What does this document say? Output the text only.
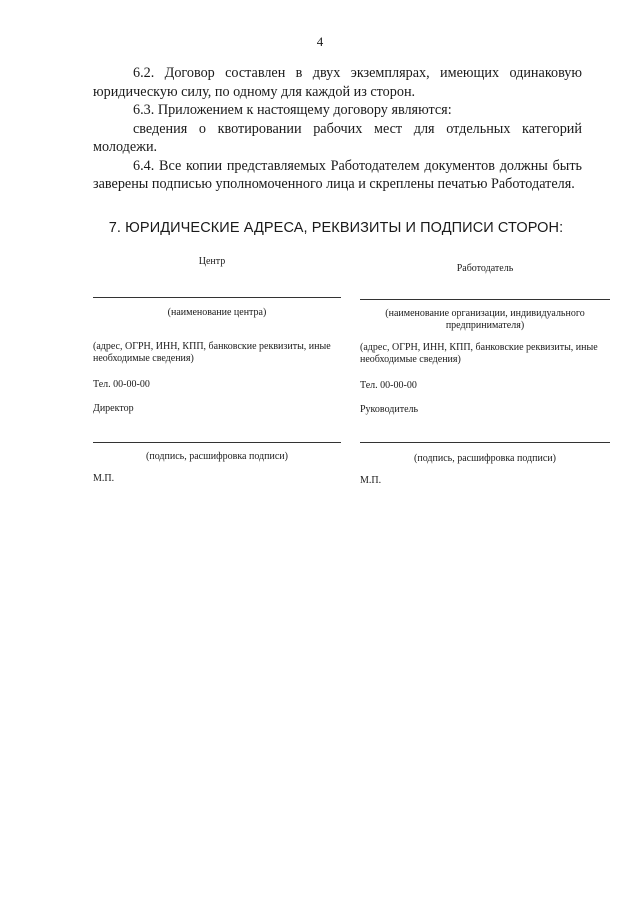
4

6.2. Договор составлен в двух экземплярах, имеющих одинаковую юридическую силу, по одному для каждой из сторон.

6.3. Приложением к настоящему договору являются:

сведения о квотировании рабочих мест для отдельных категорий молодежи.

6.4. Все копии представляемых Работодателем документов должны быть заверены подписью уполномоченного лица и скреплены печатью Работодателя.

7. ЮРИДИЧЕСКИЕ АДРЕСА, РЕКВИЗИТЫ И ПОДПИСИ СТОРОН:
Центр
(наименование центра)
(адрес, ОГРН, ИНН, КПП, банковские реквизиты, иные необходимые сведения)
Тел. 00-00-00
Директор
(подпись, расшифровка подписи)
М.П.
Работодатель
(наименование организации, индивидуального предпринимателя)
(адрес, ОГРН, ИНН, КПП, банковские реквизиты, иные необходимые сведения)
Тел. 00-00-00
Руководитель
(подпись, расшифровка подписи)
М.П.
